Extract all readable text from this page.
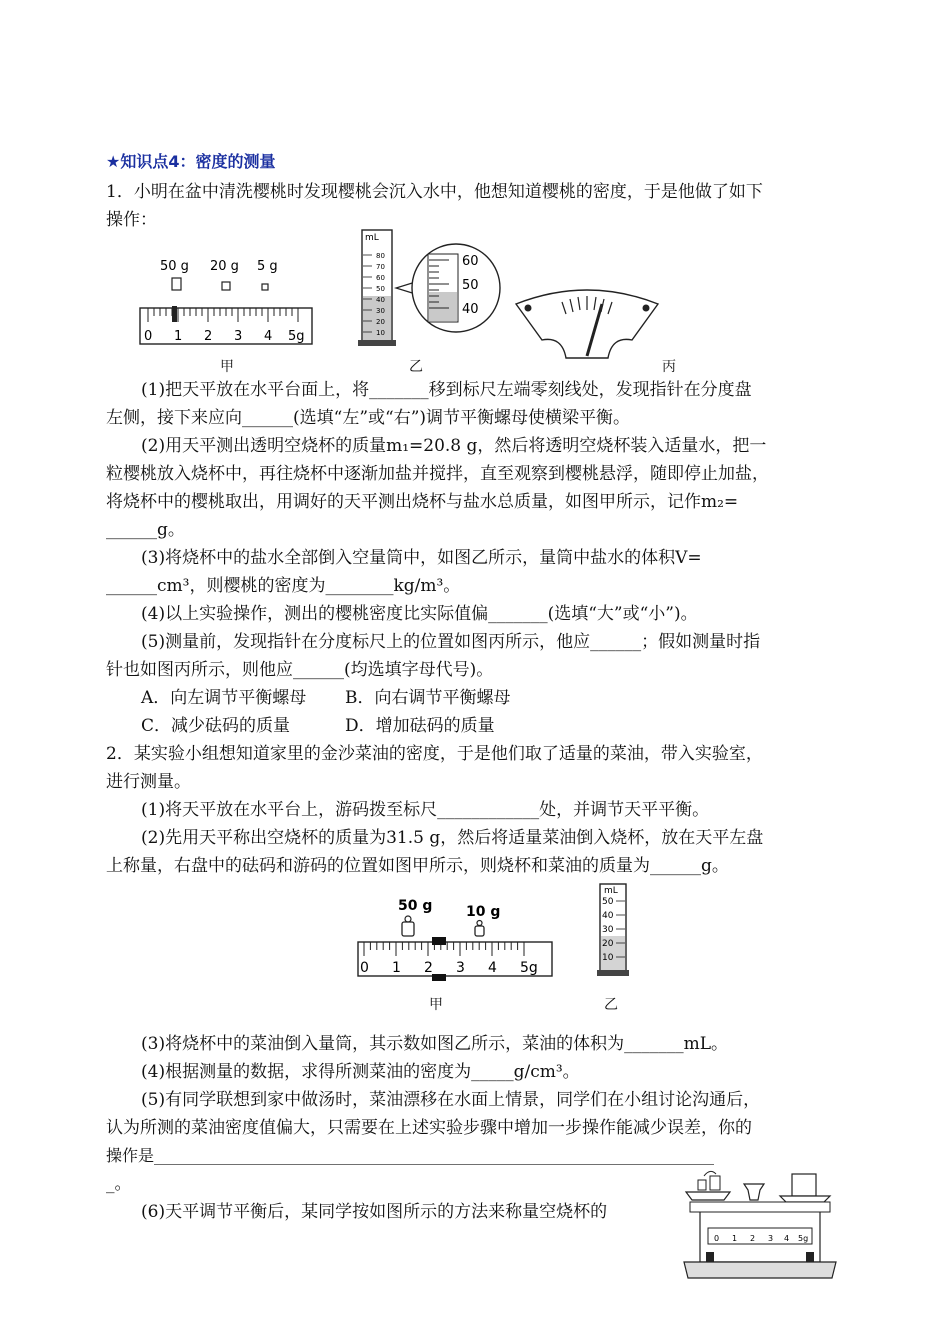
★知识点4：密度的测量
1．小明在盆中清洗樱桃时发现樱桃会沉入水中，他想知道樱桃的密度，于是他做了如下
操作：
50 g 20 g 5 g
0 1 2 3 4 5g
mL
80
70
60
50
40
30
20
10
60
50
40
甲	乙	丙
(1)把天平放在水平台面上，将_______移到标尺左端零刻线处，发现指针在分度盘
左侧，接下来应向______(选填“左”或“右”)调节平衡螺母使横梁平衡。
(2)用天平测出透明空烧杯的质量m₁=20.8 g，然后将透明空烧杯装入适量水，把一
粒樱桃放入烧杯中，再往烧杯中逐渐加盐并搅拌，直至观察到樱桃悬浮，随即停止加盐，
将烧杯中的樱桃取出，用调好的天平测出烧杯与盐水总质量，如图甲所示，记作m₂=
______g。
(3)将烧杯中的盐水全部倒入空量筒中，如图乙所示，量筒中盐水的体积V=
______cm³，则樱桃的密度为________kg/m³。
(4)以上实验操作，测出的樱桃密度比实际值偏_______(选填“大”或“小”)。
(5)测量前，发现指针在分度标尺上的位置如图丙所示，他应______；假如测量时指
针也如图丙所示，则他应______(均选填字母代号)。
A．向左调节平衡螺母 B．向右调节平衡螺母
C．减少砝码的质量	D．增加砝码的质量
2．某实验小组想知道家里的金沙菜油的密度，于是他们取了适量的菜油，带入实验室，
进行测量。
(1)将天平放在水平台上，游码拨至标尺____________处，并调节天平平衡。
(2)先用天平称出空烧杯的质量为31.5 g，然后将适量菜油倒入烧杯，放在天平左盘
上称量，右盘中的砝码和游码的位置如图甲所示，则烧杯和菜油的质量为______g。
50 g 10 g
0 1 2 3 4 5g
mL
50
40
30
20
10
甲	乙
(3)将烧杯中的菜油倒入量筒，其示数如图乙所示，菜油的体积为_______mL。
(4)根据测量的数据，求得所测菜油的密度为_____g/cm³。
(5)有同学联想到家中做汤时，菜油漂移在水面上情景，同学们在小组讨论沟通后，
认为所测的菜油密度值偏大，只需要在上述实验步骤中增加一步操作能减少误差，你的
操作是______________________________________________________________________
_。
(6)天平调节平衡后，某同学按如图所示的方法来称量空烧杯的
0 1 2 3 4 5g
